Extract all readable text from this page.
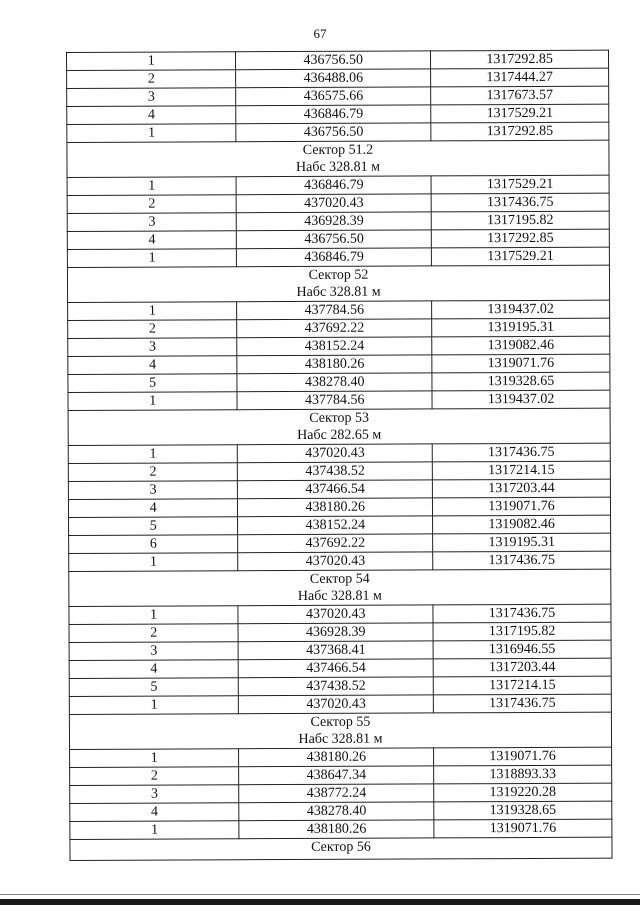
67
1	436756.50	1317292.85
2	436488.06	1317444.27
3	436575.66	1317673.57
4	436846.79	1317529.21
1	436756.50	1317292.85

Сектор 51.2
Набс 328.81 м		

1	436846.79	1317529.21
2	437020.43	1317436.75
3	436928.39	1317195.82
4	436756.50	1317292.85
1	436846.79	1317529.21

Сектор 52
Набс 328.81 м		

1	437784.56	1319437.02
2	437692.22	1319195.31
3	438152.24	1319082.46
4	438180.26	1319071.76
5	438278.40	1319328.65
1	437784.56	1319437.02

Сектор 53
Набс 282.65 м		

1	437020.43	1317436.75
2	437438.52	1317214.15
3	437466.54	1317203.44
4	438180.26	1319071.76
5	438152.24	1319082.46
6	437692.22	1319195.31
1	437020.43	1317436.75

Сектор 54
Набс 328.81 м		

1	437020.43	1317436.75
2	436928.39	1317195.82
3	437368.41	1316946.55
4	437466.54	1317203.44
5	437438.52	1317214.15
1	437020.43	1317436.75

Сектор 55
Набс 328.81 м		

1	438180.26	1319071.76
2	438647.34	1318893.33
3	438772.24	1319220.28
4	438278.40	1319328.65
1	438180.26	1319071.76

Сектор 56		
